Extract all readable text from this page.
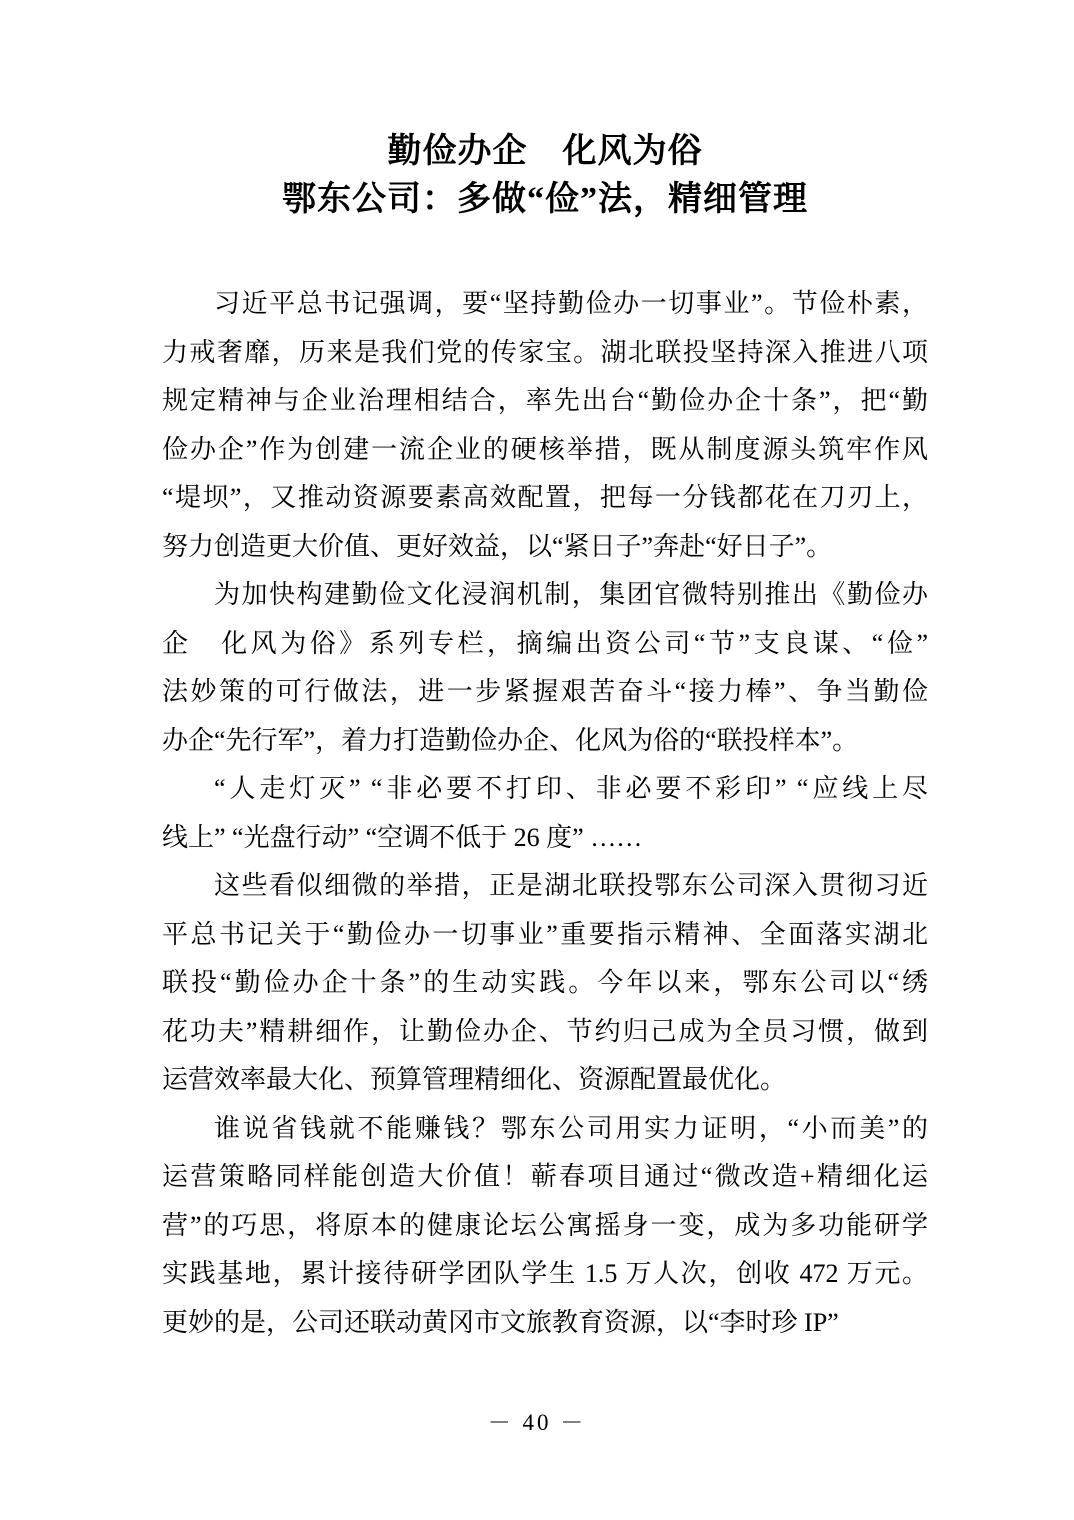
勤俭办企　化风为俗
鄂东公司：多做“俭”法，精细管理
习近平总书记强调，要“坚持勤俭办一切事业”。节俭朴素，
力戒奢靡，历来是我们党的传家宝。湖北联投坚持深入推进八项
规定精神与企业治理相结合，率先出台“勤俭办企十条”，把“勤
俭办企”作为创建一流企业的硬核举措，既从制度源头筑牢作风
“堤坝”，又推动资源要素高效配置，把每一分钱都花在刀刃上，
努力创造更大价值、更好效益，以“紧日子”奔赴“好日子”。
为加快构建勤俭文化浸润机制，集团官微特别推出《勤俭办
企　化风为俗》系列专栏，摘编出资公司“节”支良谋、“俭”
法妙策的可行做法，进一步紧握艰苦奋斗“接力棒”、争当勤俭
办企“先行军”，着力打造勤俭办企、化风为俗的“联投样本”。
“人走灯灭” “非必要不打印、非必要不彩印” “应线上尽
线上” “光盘行动” “空调不低于 26 度” ……
这些看似细微的举措，正是湖北联投鄂东公司深入贯彻习近
平总书记关于“勤俭办一切事业”重要指示精神、全面落实湖北
联投“勤俭办企十条”的生动实践。今年以来，鄂东公司以“绣
花功夫”精耕细作，让勤俭办企、节约归己成为全员习惯，做到
运营效率最大化、预算管理精细化、资源配置最优化。
谁说省钱就不能赚钱？鄂东公司用实力证明，“小而美”的
运营策略同样能创造大价值！蕲春项目通过“微改造+精细化运
营”的巧思，将原本的健康论坛公寓摇身一变，成为多功能研学
实践基地，累计接待研学团队学生 1.5 万人次，创收 472 万元。
更妙的是，公司还联动黄冈市文旅教育资源，以“李时珍 IP”
－ 40 －
